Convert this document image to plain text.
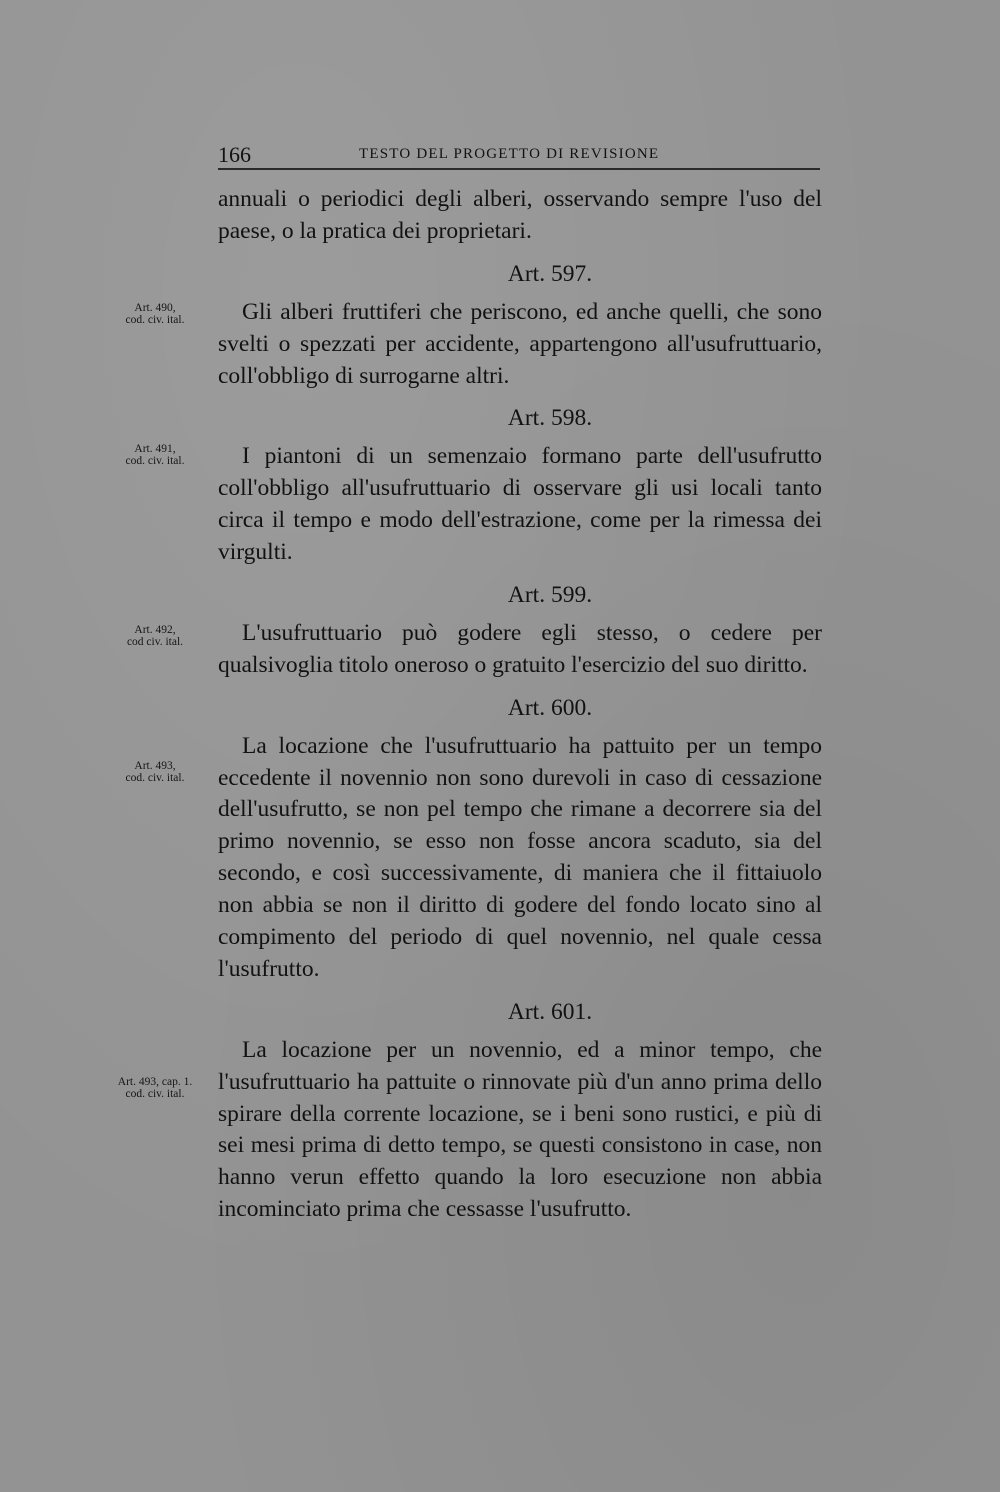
166	TESTO DEL PROGETTO DI REVISIONE
Art. 490,
cod. civ. ital.
Art. 491,
cod. civ. ital.
Art. 492,
cod civ. ital.
Art. 493,
cod. civ. ital.
Art. 493, cap. 1.
cod. civ. ital.

annuali o periodici degli alberi, osservando sempre l'uso del paese, o la pratica dei proprietari.

Art. 597.

Gli alberi fruttiferi che periscono, ed anche quelli, che sono svelti o spezzati per accidente, appartengono all'usufruttuario, coll'obbligo di surrogarne altri.

Art. 598.

I piantoni di un semenzaio formano parte dell'usufrutto coll'obbligo all'usufruttuario di osservare gli usi locali tanto circa il tempo e modo dell'estrazione, come per la rimessa dei virgulti.

Art. 599.

L'usufruttuario può godere egli stesso, o cedere per qualsivoglia titolo oneroso o gratuito l'esercizio del suo diritto.

Art. 600.

La locazione che l'usufruttuario ha pattuito per un tempo eccedente il novennio non sono durevoli in caso di cessazione dell'usufrutto, se non pel tempo che rimane a decorrere sia del primo novennio, se esso non fosse ancora scaduto, sia del secondo, e così successivamente, di maniera che il fittaiuolo non abbia se non il diritto di godere del fondo locato sino al compimento del periodo di quel novennio, nel quale cessa l'usufrutto.

Art. 601.

La locazione per un novennio, ed a minor tempo, che l'usufruttuario ha pattuite o rinnovate più d'un anno prima dello spirare della corrente locazione, se i beni sono rustici, e più di sei mesi prima di detto tempo, se questi consistono in case, non hanno verun effetto quando la loro esecuzione non abbia incominciato prima che cessasse l'usufrutto.
